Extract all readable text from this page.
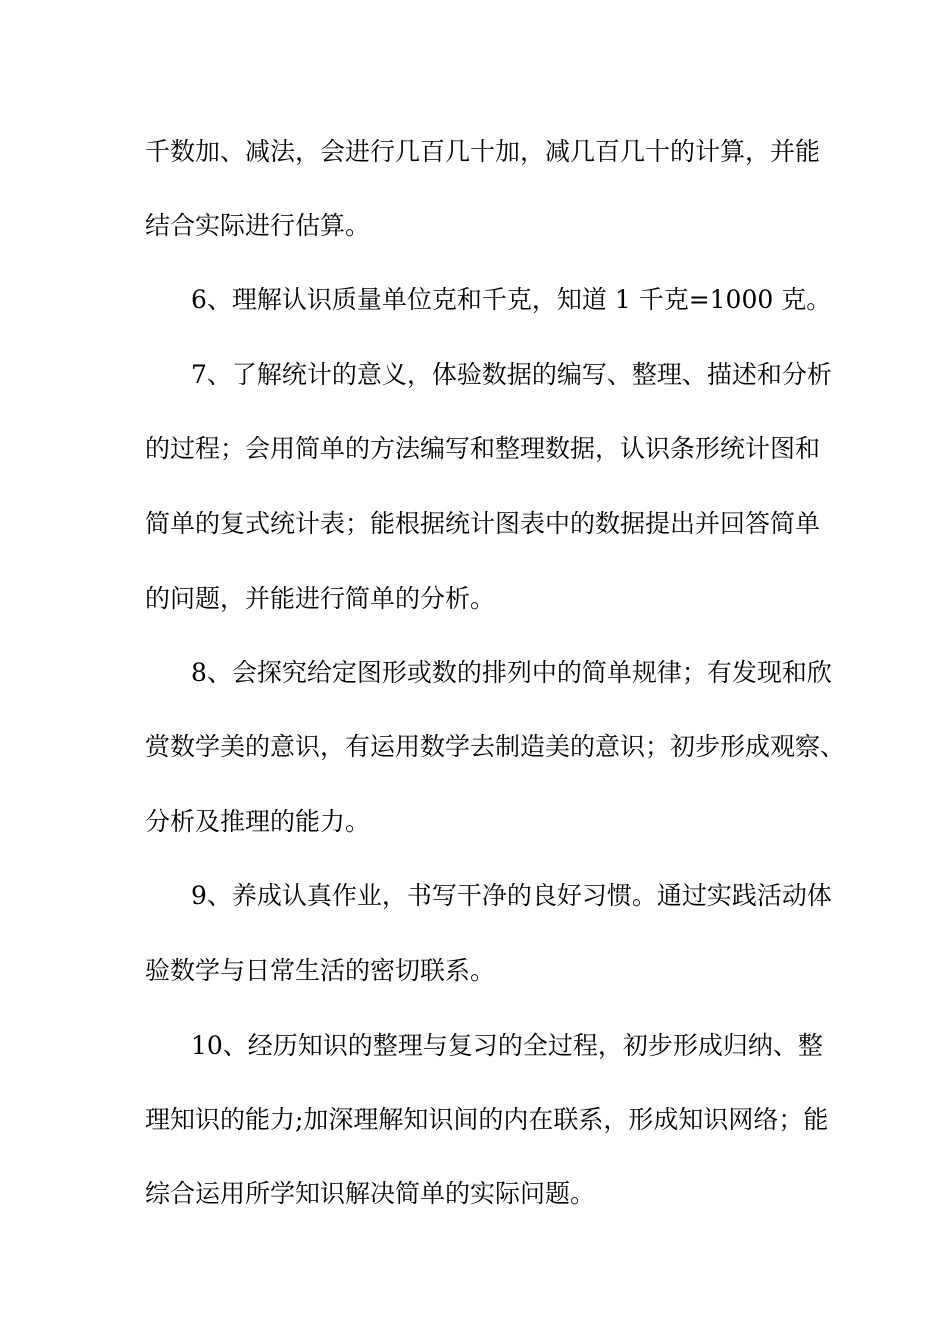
千数加、减法，会进行几百几十加，减几百几十的计算，并能
结合实际进行估算。
6、理解认识质量单位克和千克，知道 1 千克=1000 克。
7、了解统计的意义，体验数据的编写、整理、描述和分析
的过程；会用简单的方法编写和整理数据，认识条形统计图和
简单的复式统计表；能根据统计图表中的数据提出并回答简单
的问题，并能进行简单的分析。
8、会探究给定图形或数的排列中的简单规律；有发现和欣
赏数学美的意识，有运用数学去制造美的意识；初步形成观察、
分析及推理的能力。
9、养成认真作业，书写干净的良好习惯。通过实践活动体
验数学与日常生活的密切联系。
10、经历知识的整理与复习的全过程，初步形成归纳、整
理知识的能力;加深理解知识间的内在联系，形成知识网络；能
综合运用所学知识解决简单的实际问题。
